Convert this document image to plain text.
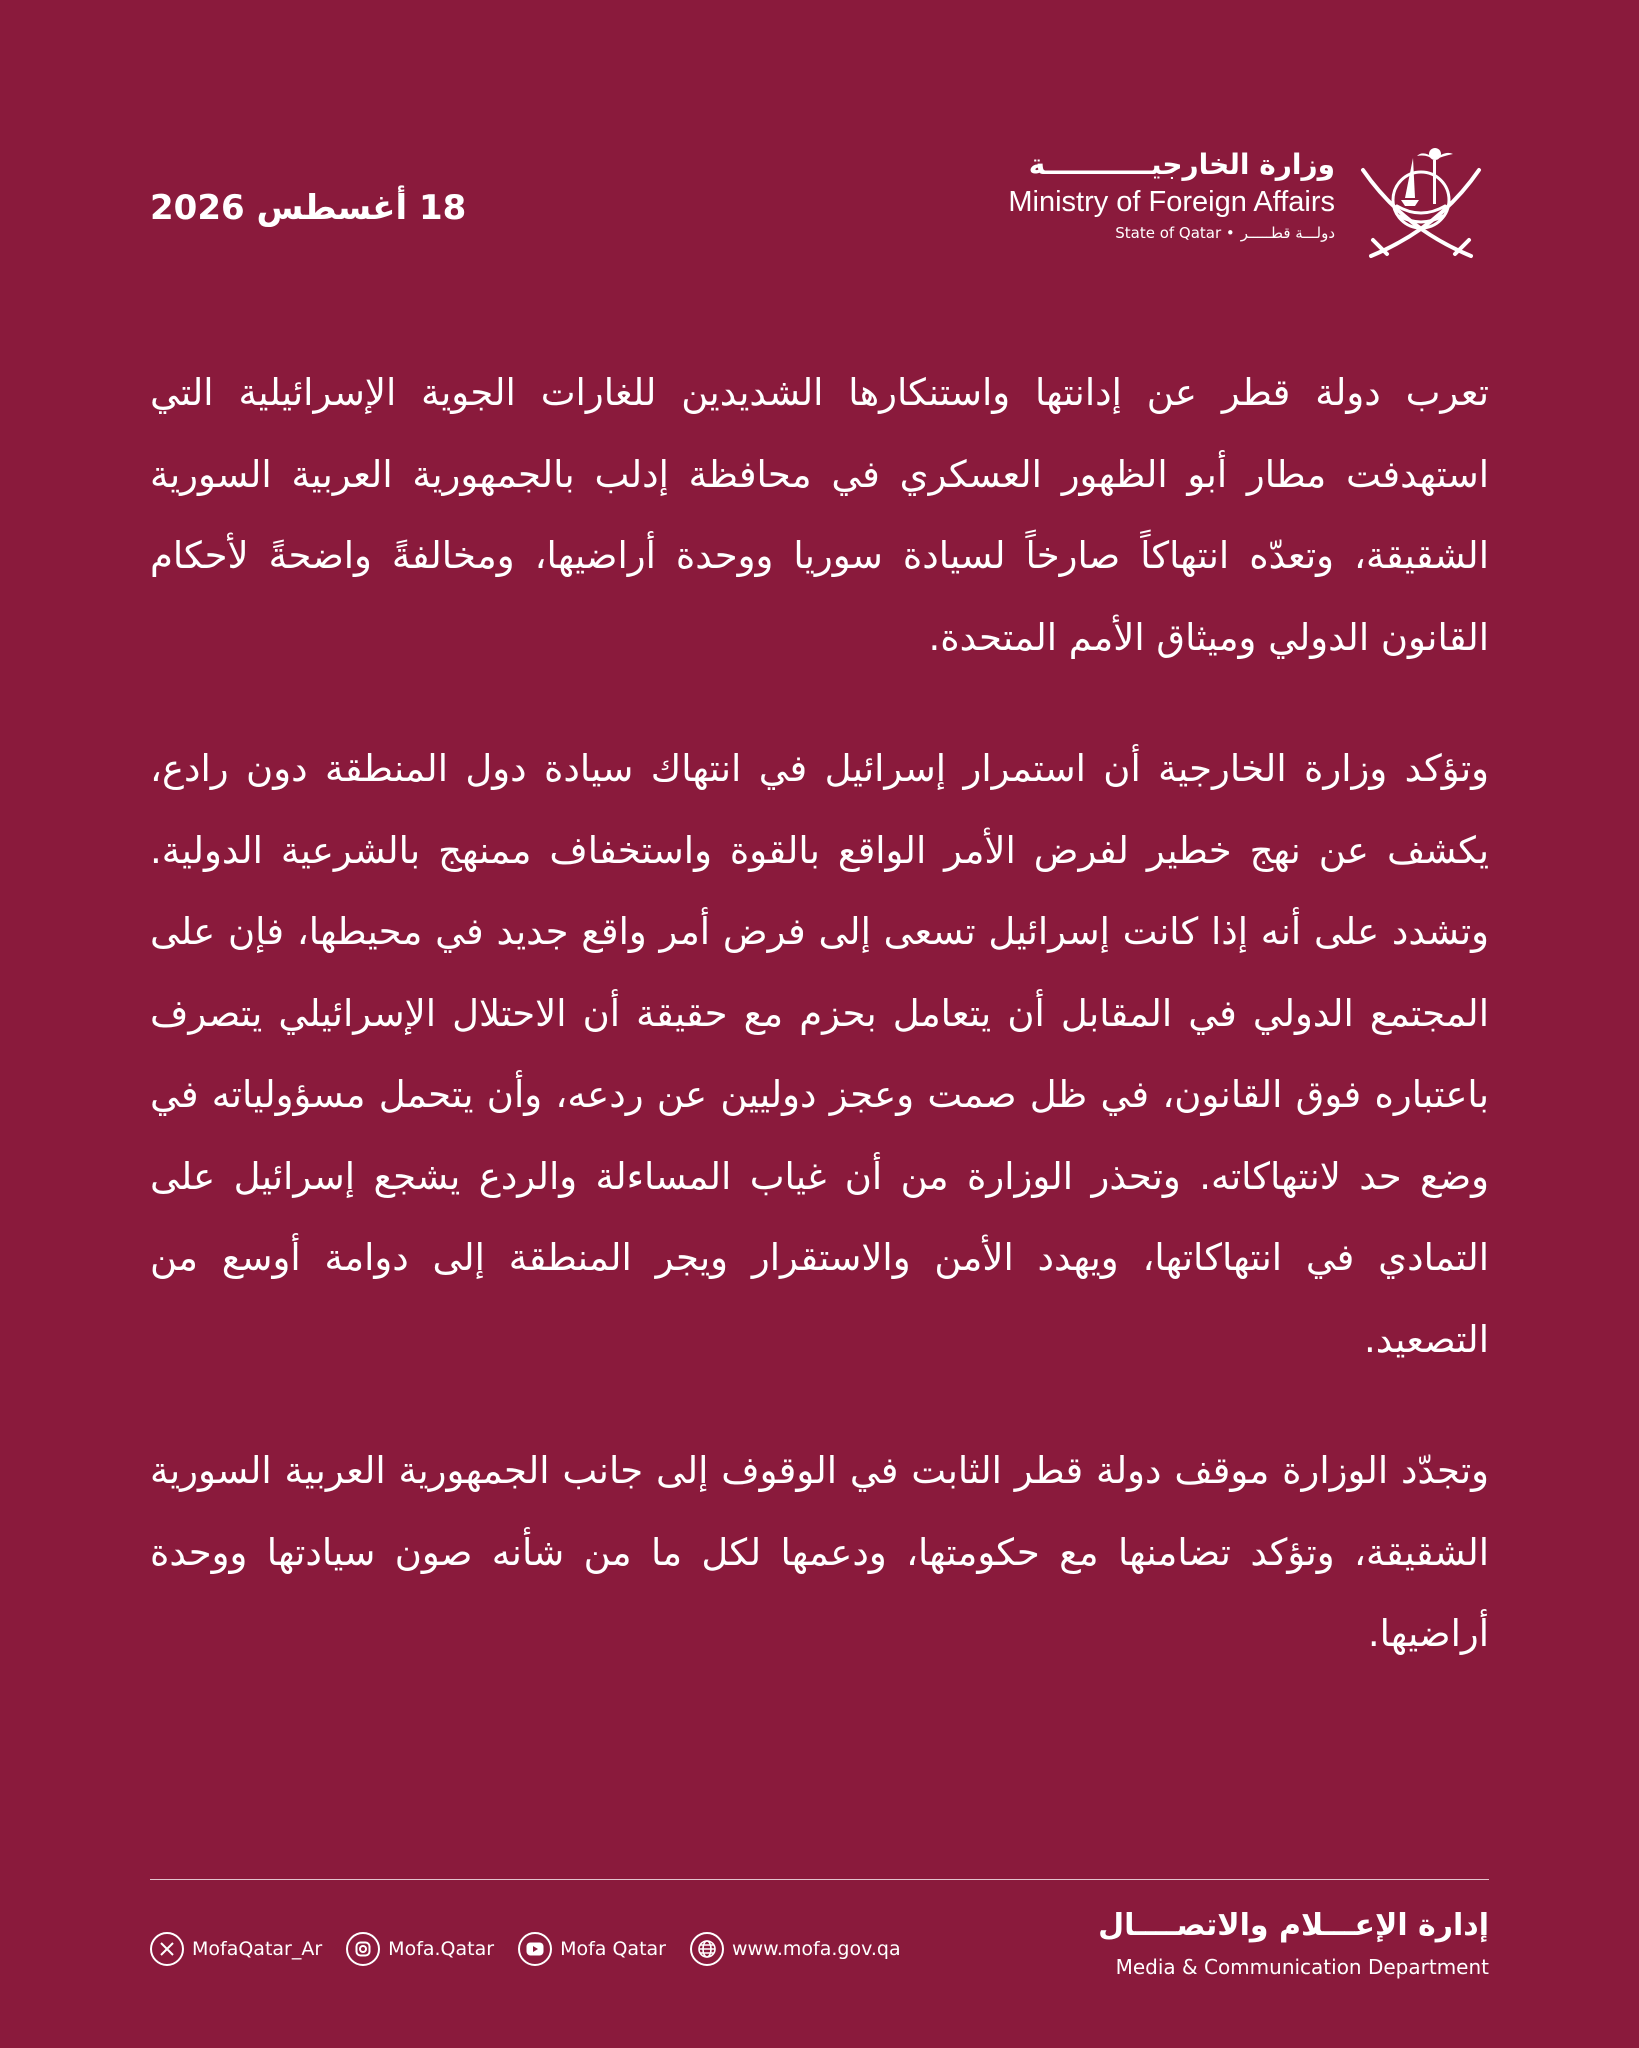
18 أغسطس 2026
وزارة الخارجيـــــــــــة
Ministry of Foreign Affairs
State of Qatar • دولـــة قطـــــر

تعرب دولة قطر عن إدانتها واستنكارها الشديدين للغارات الجوية الإسرائيلية التي استهدفت مطار أبو الظهور العسكري في محافظة إدلب بالجمهورية العربية السورية الشقيقة، وتعدّه انتهاكاً صارخاً لسيادة سوريا ووحدة أراضيها، ومخالفةً واضحةً لأحكام القانون الدولي وميثاق الأمم المتحدة.

وتؤكد وزارة الخارجية أن استمرار إسرائيل في انتهاك سيادة دول المنطقة دون رادع، يكشف عن نهج خطير لفرض الأمر الواقع بالقوة واستخفاف ممنهج بالشرعية الدولية. وتشدد على أنه إذا كانت إسرائيل تسعى إلى فرض أمر واقع جديد في محيطها، فإن على المجتمع الدولي في المقابل أن يتعامل بحزم مع حقيقة أن الاحتلال الإسرائيلي يتصرف باعتباره فوق القانون، في ظل صمت وعجز دوليين عن ردعه، وأن يتحمل مسؤولياته في وضع حد لانتهاكاته. وتحذر الوزارة من أن غياب المساءلة والردع يشجع إسرائيل على التمادي في انتهاكاتها، ويهدد الأمن والاستقرار ويجر المنطقة إلى دوامة أوسع من التصعيد.

وتجدّد الوزارة موقف دولة قطر الثابت في الوقوف إلى جانب الجمهورية العربية السورية الشقيقة، وتؤكد تضامنها مع حكومتها، ودعمها لكل ما من شأنه صون سيادتها ووحدة أراضيها.

MofaQatar_Ar	Mofa.Qatar	Mofa Qatar	www.mofa.gov.qa
إدارة الإعـــلام والاتصــــال
Media & Communication Department
